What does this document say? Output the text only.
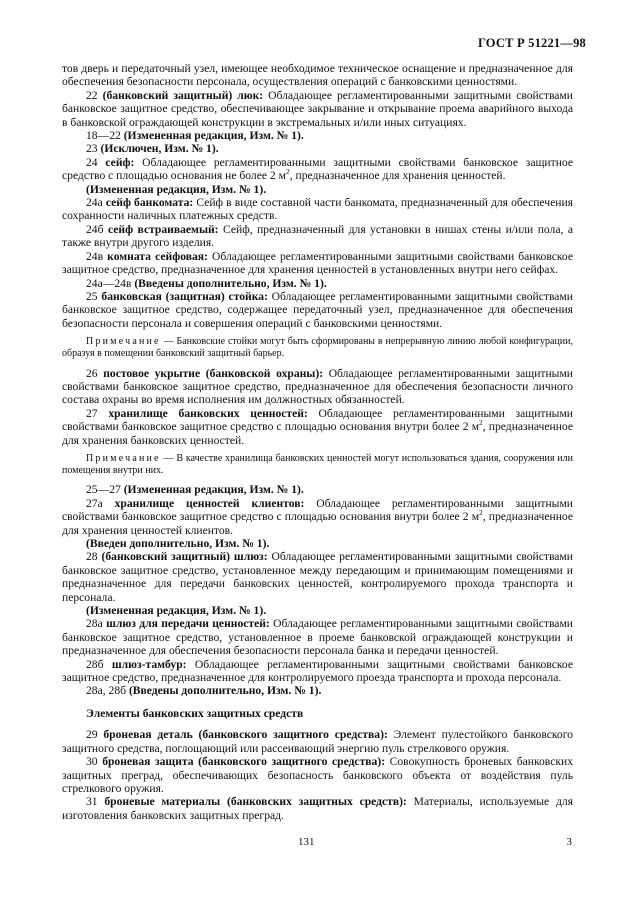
ГОСТ Р 51221—98
тов дверь и передаточный узел, имеющее необходимое техническое оснащение и предназначенное для обеспечения безопасности персонала, осуществления операций с банковскими ценностями.
22 (банковский защитный) люк: Обладающее регламентированными защитными свойствами банковское защитное средство, обеспечивающее закрывание и открывание проема аварийного выхода в банковской ограждающей конструкции в экстремальных и/или иных ситуациях.
18—22 (Измененная редакция, Изм. № 1).
23 (Исключен, Изм. № 1).
24 сейф: Обладающее регламентированными защитными свойствами банковское защитное средство с площадью основания не более 2 $м^2$, предназначенное для хранения ценностей.
(Измененная редакция, Изм. № 1).
24а сейф банкомата: Сейф в виде составной части банкомата, предназначенный для обеспечения сохранности наличных платежных средств.
24б сейф встраиваемый: Сейф, предназначенный для установки в нишах стены и/или пола, а также внутри другого изделия.
24в комната сейфовая: Обладающее регламентированными защитными свойствами банковское защитное средство, предназначенное для хранения ценностей в установленных внутри него сейфах.
24а—24в (Введены дополнительно, Изм. № 1).
25 банковская (защитная) стойка: Обладающее регламентированными защитными свойствами банковское защитное средство, содержащее передаточный узел, предназначенное для обеспечения безопасности персонала и совершения операций с банковскими ценностями.
Примечание — Банковские стойки могут быть сформированы в непрерывную линию любой конфигурации, образуя в помещении банковский защитный барьер.
26 постовое укрытие (банковской охраны): Обладающее регламентированными защитными свойствами банковское защитное средство, предназначенное для обеспечения безопасности личного состава охраны во время исполнения им должностных обязанностей.
27 хранилище банковских ценностей: Обладающее регламентированными защитными свойствами банковское защитное средство с площадью основания внутри более 2 $м^2$, предназначенное для хранения банковских ценностей.
Примечание — В качестве хранилища банковских ценностей могут использоваться здания, сооружения или помещения внутри них.
25—27 (Измененная редакция, Изм. № 1).
27а хранилище ценностей клиентов: Обладающее регламентированными защитными свойствами банковское защитное средство с площадью основания внутри более 2 $м^2$, предназначенное для хранения ценностей клиентов.
(Введен дополнительно, Изм. № 1).
28 (банковский защитный) шлюз: Обладающее регламентированными защитными свойствами банковское защитное средство, установленное между передающим и принимающим помещениями и предназначенное для передачи банковских ценностей, контролируемого прохода транспорта и персонала.
(Измененная редакция, Изм. № 1).
28а шлюз для передачи ценностей: Обладающее регламентированными защитными свойствами банковское защитное средство, установленное в проеме банковской ограждающей конструкции и предназначенное для обеспечения безопасности персонала банка и передачи ценностей.
28б шлюз-тамбур: Обладающее регламентированными защитными свойствами банковское защитное средство, предназначенное для контролируемого проезда транспорта и прохода персонала.
28а, 28б (Введены дополнительно, Изм. № 1).
Элементы банковских защитных средств
29 броневая деталь (банковского защитного средства): Элемент пулестойкого банковского защитного средства, поглощающий или рассеивающий энергию пуль стрелкового оружия.
30 броневая защита (банковского защитного средства): Совокупность броневых банковских защитных преград, обеспечивающих безопасность банковского объекта от воздействия пуль стрелкового оружия.
31 броневые материалы (банковских защитных средств): Материалы, используемые для изготовления банковских защитных преград.
131	3
